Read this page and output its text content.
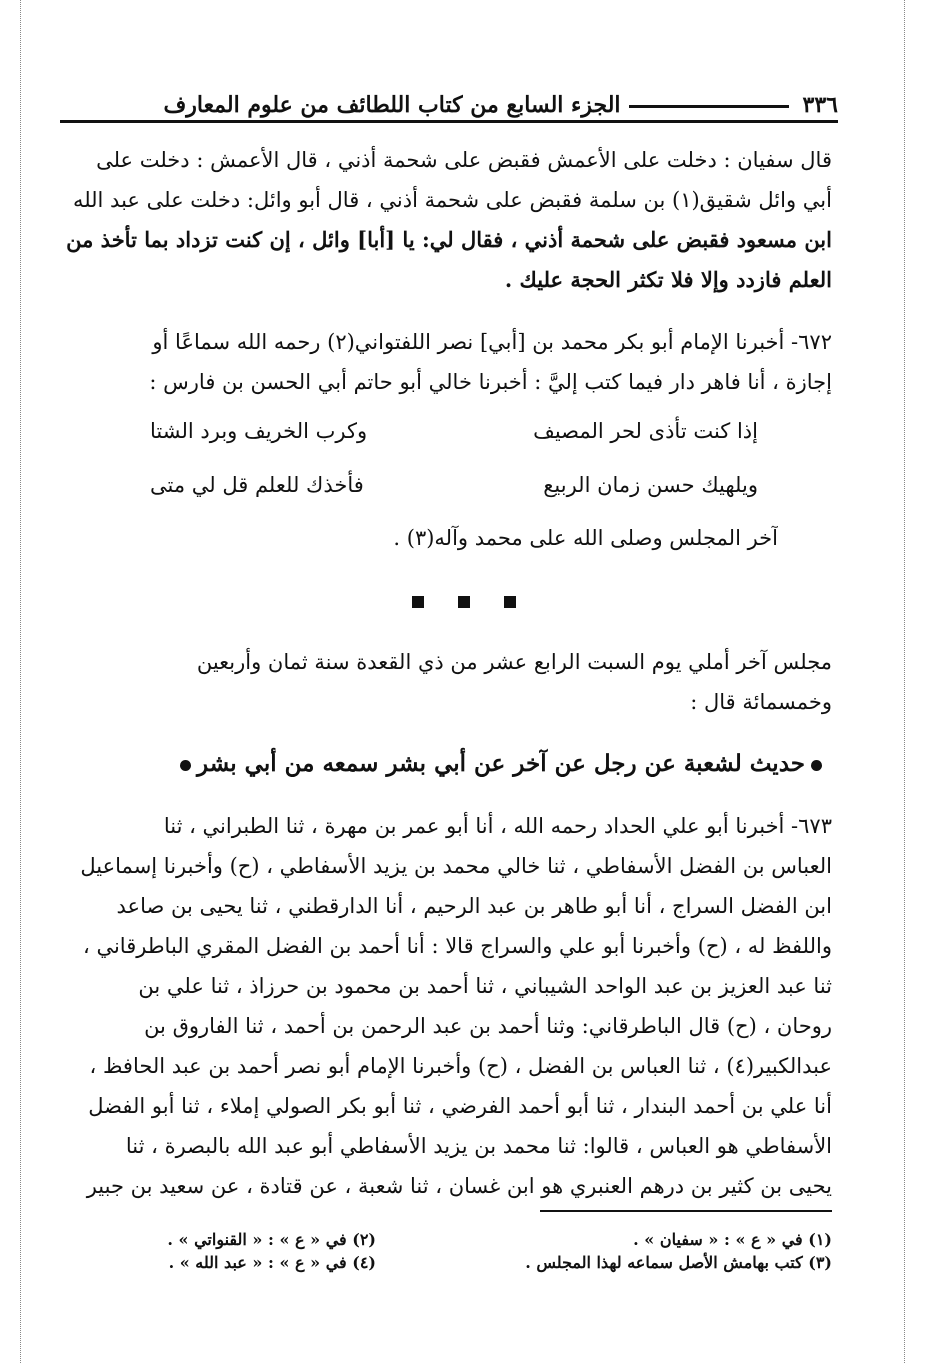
٣٣٦
الجزء السابع من كتاب اللطائف من علوم المعارف

قال سفيان : دخلت على الأعمش فقبض على شحمة أذني ، قال الأعمش : دخلت على

أبي وائل شقيق(١) بن سلمة فقبض على شحمة أذني ، قال أبو وائل: دخلت على عبد الله

ابن مسعود فقبض على شحمة أذني ، فقال لي: يا [أبا] وائل ، إن كنت تزداد بما تأخذ من

العلم فازدد وإلا فلا تكثر الحجة عليك .

٦٧٢- أخبرنا الإمام أبو بكر محمد بن [أبي] نصر اللفتواني(٢) رحمه الله سماعًا أو

إجازة ، أنا فاهر دار فيما كتب إليَّ : أخبرنا خالي أبو حاتم أبي الحسن بن فارس :

إذا كنت تأذى لحر المصيف
وكرب الخريف وبرد الشتا
ويلهيك حسن زمان الربيع
فأخذك للعلم قل لي متى

آخر المجلس وصلى الله على محمد وآله(٣) .

مجلس آخر أملي يوم السبت الرابع عشر من ذي القعدة سنة ثمان وأربعين

وخمسمائة قال :

حديث لشعبة عن رجل عن آخر عن أبي بشر سمعه من أبي بشر

٦٧٣- أخبرنا أبو علي الحداد رحمه الله ، أنا أبو عمر بن مهرة ، ثنا الطبراني ، ثنا

العباس بن الفضل الأسفاطي ، ثنا خالي محمد بن يزيد الأسفاطي ، (ح) وأخبرنا إسماعيل

ابن الفضل السراج ، أنا أبو طاهر بن عبد الرحيم ، أنا الدارقطني ، ثنا يحيى بن صاعد

واللفظ له ، (ح) وأخبرنا أبو علي والسراج قالا : أنا أحمد بن الفضل المقري الباطرقاني ،

ثنا عبد العزيز بن عبد الواحد الشيباني ، ثنا أحمد بن محمود بن حرزاذ ، ثنا علي بن

روحان ، (ح) قال الباطرقاني: وثنا أحمد بن عبد الرحمن بن أحمد ، ثنا الفاروق بن

عبدالكبير(٤) ، ثنا العباس بن الفضل ، (ح) وأخبرنا الإمام أبو نصر أحمد بن عبد الحافظ ،

أنا علي بن أحمد البندار ، ثنا أبو أحمد الفرضي ، ثنا أبو بكر الصولي إملاء ، ثنا أبو الفضل

الأسفاطي هو العباس ، قالوا: ثنا محمد بن يزيد الأسفاطي أبو عبد الله بالبصرة ، ثنا

يحيى بن كثير بن درهم العنبري هو ابن غسان ، ثنا شعبة ، عن قتادة ، عن سعيد بن جبير

(١) في « ع » : « سفيان » .
(٢) في « ع » : « القنواتي » .
(٣) كتب بهامش الأصل سماعه لهذا المجلس .
(٤) في « ع » : « عبد الله » .
